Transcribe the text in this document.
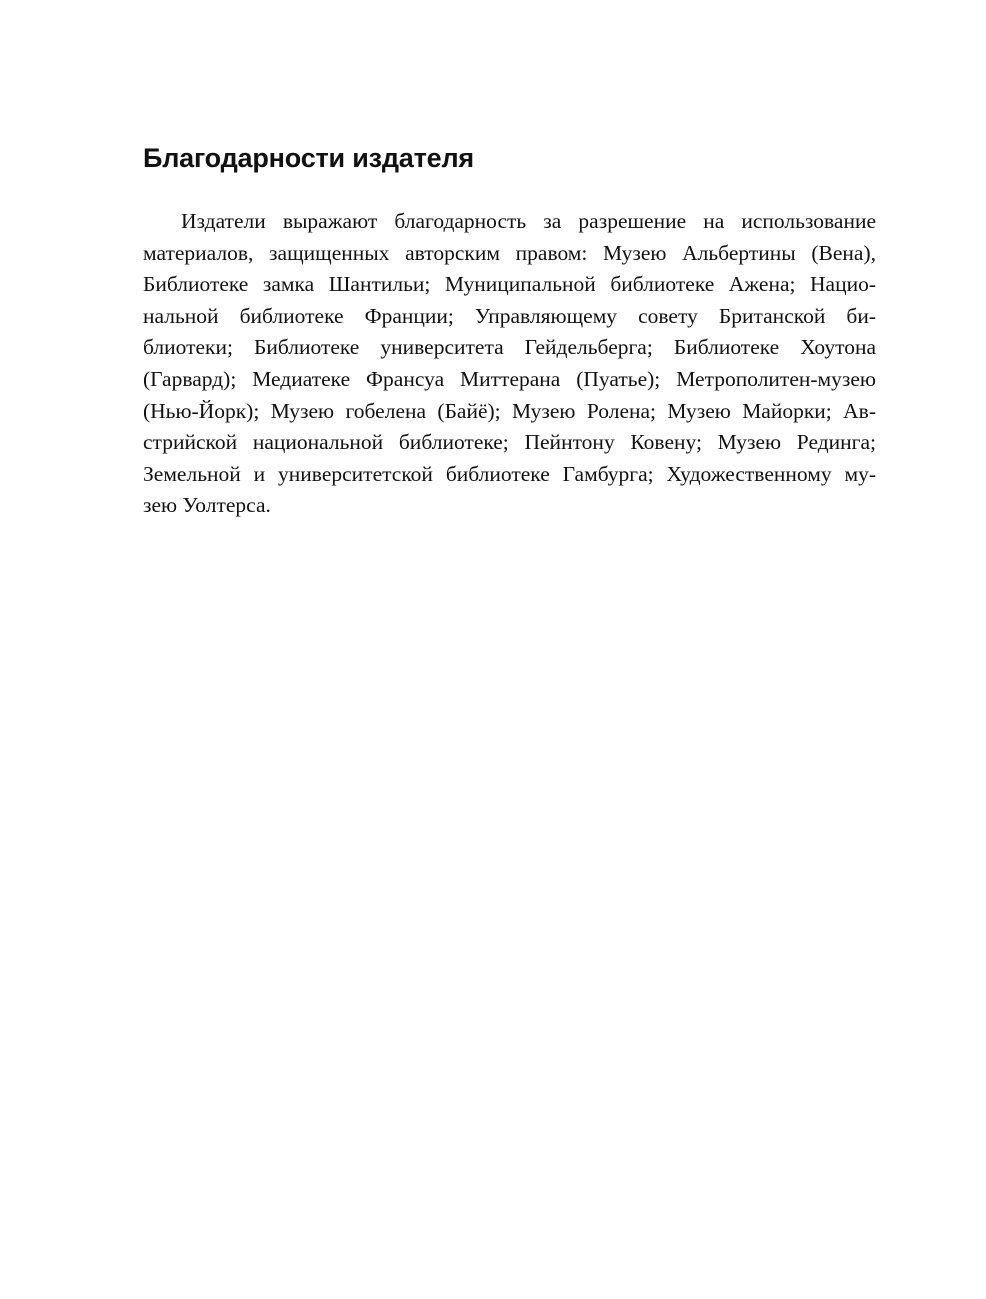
Благодарности издателя
Издатели выражают благодарность за разрешение на использование
материалов, защищенных авторским правом: Музею Альбертины (Вена),
Библиотеке замка Шантильи; Муниципальной библиотеке Ажена; Нацио-
нальной библиотеке Франции; Управляющему совету Британской би-
блиотеки; Библиотеке университета Гейдельберга; Библиотеке Хоутона
(Гарвард); Медиатеке Франсуа Миттерана (Пуатье); Метрополитен-музею
(Нью-Йорк); Музею гобелена (Байё); Музею Ролена; Музею Майорки; Ав-
стрийской национальной библиотеке; Пейнтону Ковену; Музею Рединга;
Земельной и университетской библиотеке Гамбурга; Художественному му-
зею Уолтерса.
